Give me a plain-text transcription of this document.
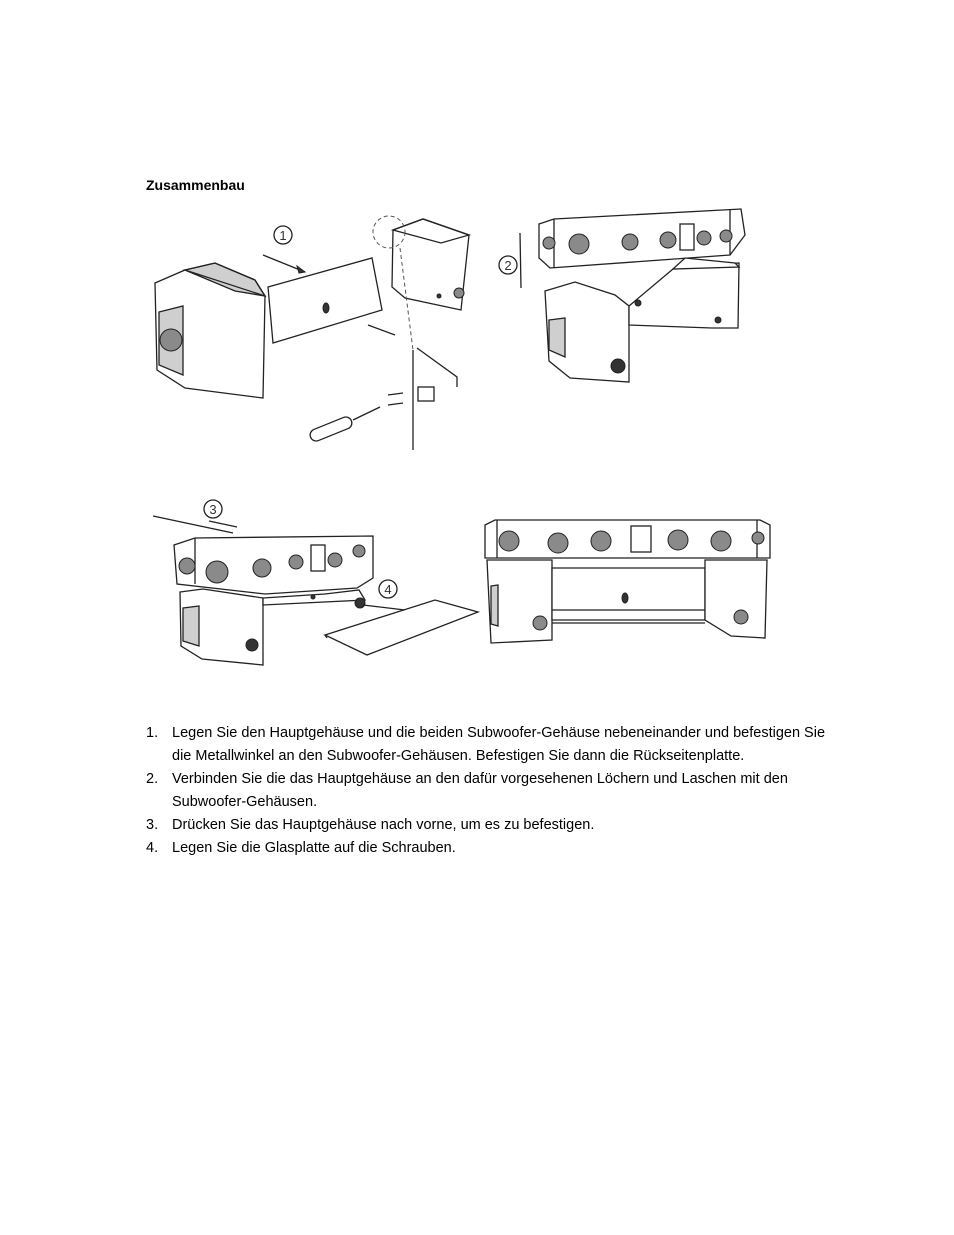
Zusammenbau
1
2
3
4
1. Legen Sie den Hauptgehäuse und die beiden Subwoofer-Gehäuse nebeneinander und befestigen Sie die Metallwinkel an den Subwoofer-Gehäusen. Befestigen Sie dann die Rückseitenplatte.
2. Verbinden Sie die das Hauptgehäuse an den dafür vorgesehenen Löchern und Laschen mit den Subwoofer-Gehäusen.
3. Drücken Sie das Hauptgehäuse nach vorne, um es zu befestigen.
4. Legen Sie die Glasplatte auf die Schrauben.
